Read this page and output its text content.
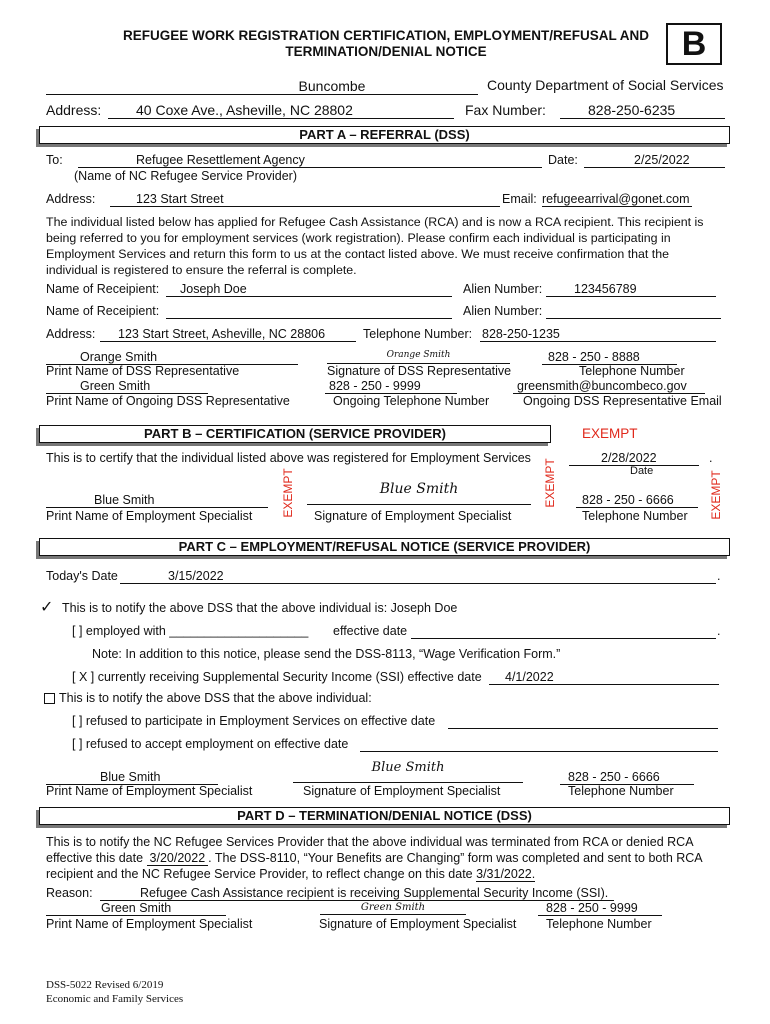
REFUGEE WORK REGISTRATION CERTIFICATION, EMPLOYMENT/REFUSAL AND
TERMINATION/DENIAL NOTICE	B
Buncombe	County Department of Social Services
Address:	40 Coxe Ave., Asheville, NC 28802	Fax Number:	828-250-6235
PART A – REFERRAL (DSS)
To:	Refugee Resettlement Agency	Date:	2/25/2022
(Name of NC Refugee Service Provider)
Address:	123 Start Street	Email: refugeearrival@gonet.com
The individual listed below has applied for Refugee Cash Assistance (RCA) and is now a RCA recipient. This recipient is
being referred to you for employment services (work registration). Please confirm each individual is participating in
Employment Services and return this form to us at the contact listed above. We must receive confirmation that the
individual is registered to ensure the referral is complete.
Name of Receipient:	Joseph Doe	Alien Number:	123456789
Name of Receipient:	Alien Number:
Address:	123 Start Street, Asheville, NC 28806	Telephone Number: 828-250-1235
Orange Smith
Print Name of DSS Representative
Orange Smith
Signature of DSS Representative
828 - 250 - 8888
Telephone Number
Green Smith
Print Name of Ongoing DSS Representative
828 - 250 - 9999
Ongoing Telephone Number
greensmith@buncombeco.gov
Ongoing DSS Representative Email
PART B – CERTIFICATION (SERVICE PROVIDER)	EXEMPT
This is to certify that the individual listed above was registered for Employment Services	2/28/2022	.
Date
Blue Smith
Print Name of Employment Specialist
Blue Smith
Signature of Employment Specialist
828 - 250 - 6666
Telephone Number
EXEMPT	EXEMPT	EXEMPT
PART C – EMPLOYMENT/REFUSAL NOTICE (SERVICE PROVIDER)
Today's Date	3/15/2022	.
✓ This is to notify the above DSS that the above individual is: Joseph Doe
[ ] employed with ____________________ effective date	.
Note: In addition to this notice, please send the DSS-8113, “Wage Verification Form.”
[ X ] currently receiving Supplemental Security Income (SSI) effective date	4/1/2022
This is to notify the above DSS that the above individual:
[ ] refused to participate in Employment Services on effective date
[ ] refused to accept employment on effective date
Blue Smith
Print Name of Employment Specialist
Blue Smith
Signature of Employment Specialist
828 - 250 - 6666
Telephone Number
PART D – TERMINATION/DENIAL NOTICE (DSS)
This is to notify the NC Refugee Services Provider that the above individual was terminated from RCA or denied RCA
effective this date 3/20/2022 . The DSS-8110, “Your Benefits are Changing” form was completed and sent to both RCA
recipient and the NC Refugee Service Provider, to reflect change on this date 3/31/2022.
Reason:	Refugee Cash Assistance recipient is receiving Supplemental Security Income (SSI).
Green Smith
Print Name of Employment Specialist
Green Smith
Signature of Employment Specialist
828 - 250 - 9999
Telephone Number
DSS-5022 Revised 6/2019
Economic and Family Services
